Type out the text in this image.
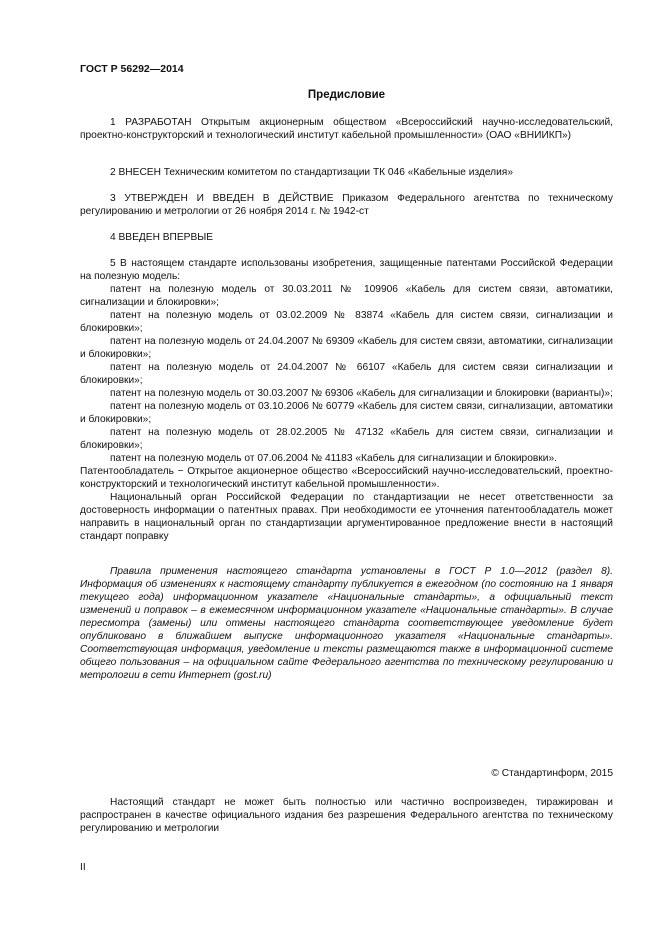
ГОСТ Р 56292—2014
Предисловие
1 РАЗРАБОТАН Открытым акционерным обществом «Всероссийский научно-исследовательский, проектно-конструкторский и технологический институт кабельной промышленности» (ОАО «ВНИИКП»)
2 ВНЕСЕН Техническим комитетом по стандартизации ТК 046 «Кабельные изделия»
3 УТВЕРЖДЕН И ВВЕДЕН В ДЕЙСТВИЕ Приказом Федерального агентства по техническому регулированию и метрологии от 26 ноября 2014 г. № 1942-ст
4 ВВЕДЕН ВПЕРВЫЕ

5 В настоящем стандарте использованы изобретения, защищенные патентами Российской Федерации на полезную модель:

патент на полезную модель от 30.03.2011 № 109906 «Кабель для систем связи, автоматики, сигнализации и блокировки»;

патент на полезную модель от 03.02.2009 № 83874 «Кабель для систем связи, сигнализации и блокировки»;

патент на полезную модель от 24.04.2007 № 69309 «Кабель для систем связи, автоматики, сигнализации и блокировки»;

патент на полезную модель от 24.04.2007 № 66107 «Кабель для систем связи сигнализации и блокировки»;

патент на полезную модель от 30.03.2007 № 69306 «Кабель для сигнализации и блокировки (варианты)»;

патент на полезную модель от 03.10.2006 № 60779 «Кабель для систем связи, сигнализации, автоматики и блокировки»;

патент на полезную модель от 28.02.2005 № 47132 «Кабель для систем связи, сигнализации и блокировки»;

патент на полезную модель от 07.06.2004 № 41183 «Кабель для сигнализации и блокировки».

Патентообладатель − Открытое акционерное общество «Всероссийский научно-исследовательский, проектно-конструкторский и технологический институт кабельной промышленности».

Национальный орган Российской Федерации по стандартизации не несет ответственности за достоверность информации о патентных правах. При необходимости ее уточнения патентообладатель может направить в национальный орган по стандартизации аргументированное предложение внести в настоящий стандарт поправку

Правила применения настоящего стандарта установлены в ГОСТ Р 1.0—2012 (раздел 8). Информация об изменениях к настоящему стандарту публикуется в ежегодном (по состоянию на 1 января текущего года) информационном указателе «Национальные стандарты», а официальный текст изменений и поправок – в ежемесячном информационном указателе «Национальные стандарты». В случае пересмотра (замены) или отмены настоящего стандарта соответствующее уведомление будет опубликовано в ближайшем выпуске информационного указателя «Национальные стандарты». Соответствующая информация, уведомление и тексты размещаются также в информационной системе общего пользования – на официальном сайте Федерального агентства по техническому регулированию и метрологии в сети Интернет (gost.ru)
© Стандартинформ, 2015
Настоящий стандарт не может быть полностью или частично воспроизведен, тиражирован и распространен в качестве официального издания без разрешения Федерального агентства по техническому регулированию и метрологии
II
